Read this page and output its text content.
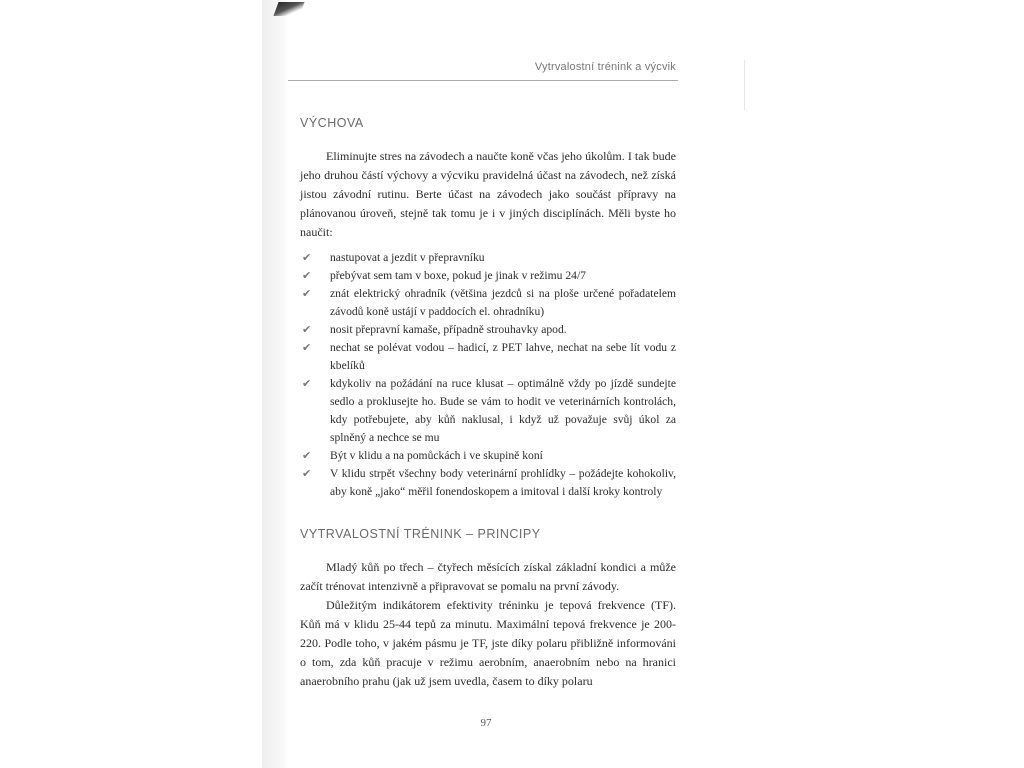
Vytrvalostní trénink a výcvik
VÝCHOVA

Eliminujte stres na závodech a naučte koně včas jeho úkolům. I tak bude jeho druhou částí výchovy a výcviku pravidelná účast na závodech, než získá jistou závodní rutinu. Berte účast na závodech jako součást přípravy na plánovanou úroveň, stejně tak tomu je i v jiných disciplínách. Měli byste ho naučit:

✔ nastupovat a jezdit v přepravníku
✔ přebývat sem tam v boxe, pokud je jinak v režimu 24/7
✔ znát elektrický ohradník (většina jezdců si na ploše určené pořadatelem závodů koně ustájí v paddocích el. ohradníku)
✔ nosit přepravní kamaše, případně strouhavky apod.
✔ nechat se polévat vodou – hadicí, z PET lahve, nechat na sebe lít vodu z kbelíků
✔ kdykoliv na požádání na ruce klusat – optimálně vždy po jízdě sundejte sedlo a proklusejte ho. Bude se vám to hodit ve veterinárních kontrolách, kdy potřebujete, aby kůň naklusal, i když už považuje svůj úkol za splněný a nechce se mu
✔ Být v klidu a na pomůckách i ve skupině koní
✔ V klidu strpět všechny body veterinární prohlídky – požádejte kohokoliv, aby koně „jako“ měřil fonendoskopem a imitoval i další kroky kontroly
VYTRVALOSTNÍ TRÉNINK – PRINCIPY

Mladý kůň po třech – čtyřech měsících získal základní kondici a může začít trénovat intenzivně a připravovat se pomalu na první závody.

Důležitým indikátorem efektivity tréninku je tepová frekvence (TF). Kůň má v klidu 25-44 tepů za minutu. Maximální tepová frekvence je 200-220. Podle toho, v jakém pásmu je TF, jste díky polaru přibližně informováni o tom, zda kůň pracuje v režimu aerobním, anaerobním nebo na hranici anaerobního prahu (jak už jsem uvedla, časem to díky polaru

97
